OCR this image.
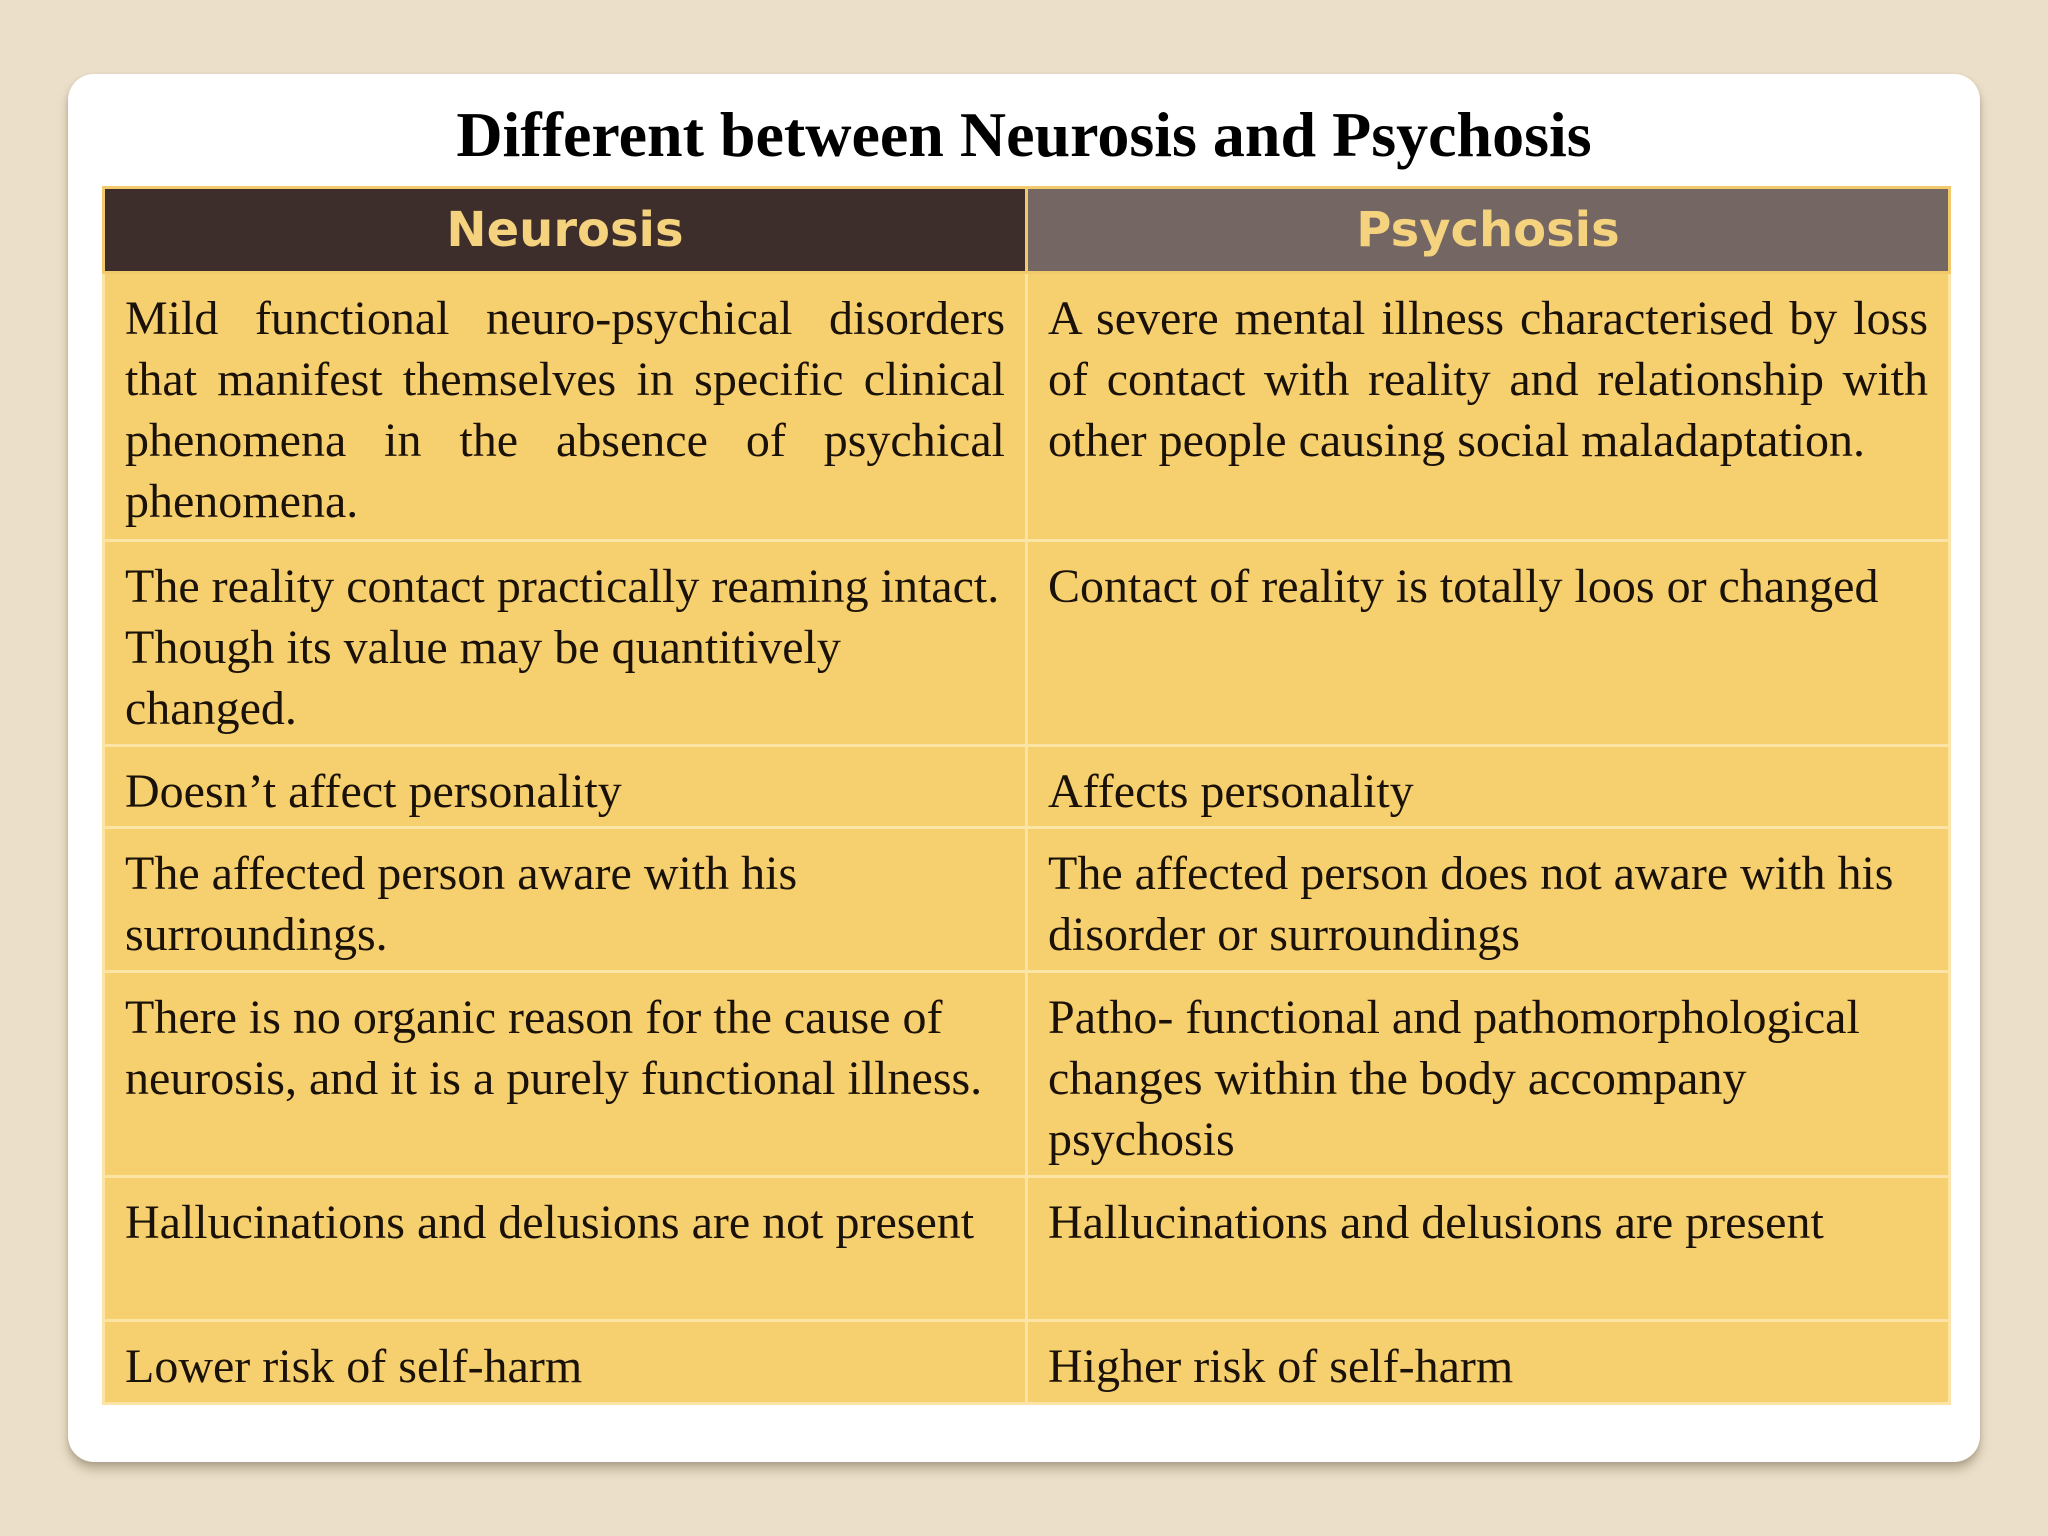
Different between Neurosis and Psychosis
Neurosis	Psychosis
Mild functional neuro-psychical disorders that manifest themselves in specific clinical phenomena in the absence of psychical phenomena.	A severe mental illness characterised by loss of contact with reality and relationship with other people causing social maladaptation.
The reality contact practically reaming intact. Though its value may be quantitively changed.	Contact of reality is totally loos or changed
Doesn’t affect personality	Affects personality
The affected person aware with his surroundings.	The affected person does not aware with his disorder or surroundings
There is no organic reason for the cause of neurosis, and it is a purely functional illness.	Patho- functional and pathomorphological changes within the body accompany psychosis
Hallucinations and delusions are not present	Hallucinations and delusions are present
Lower risk of self-harm	Higher risk of self-harm
